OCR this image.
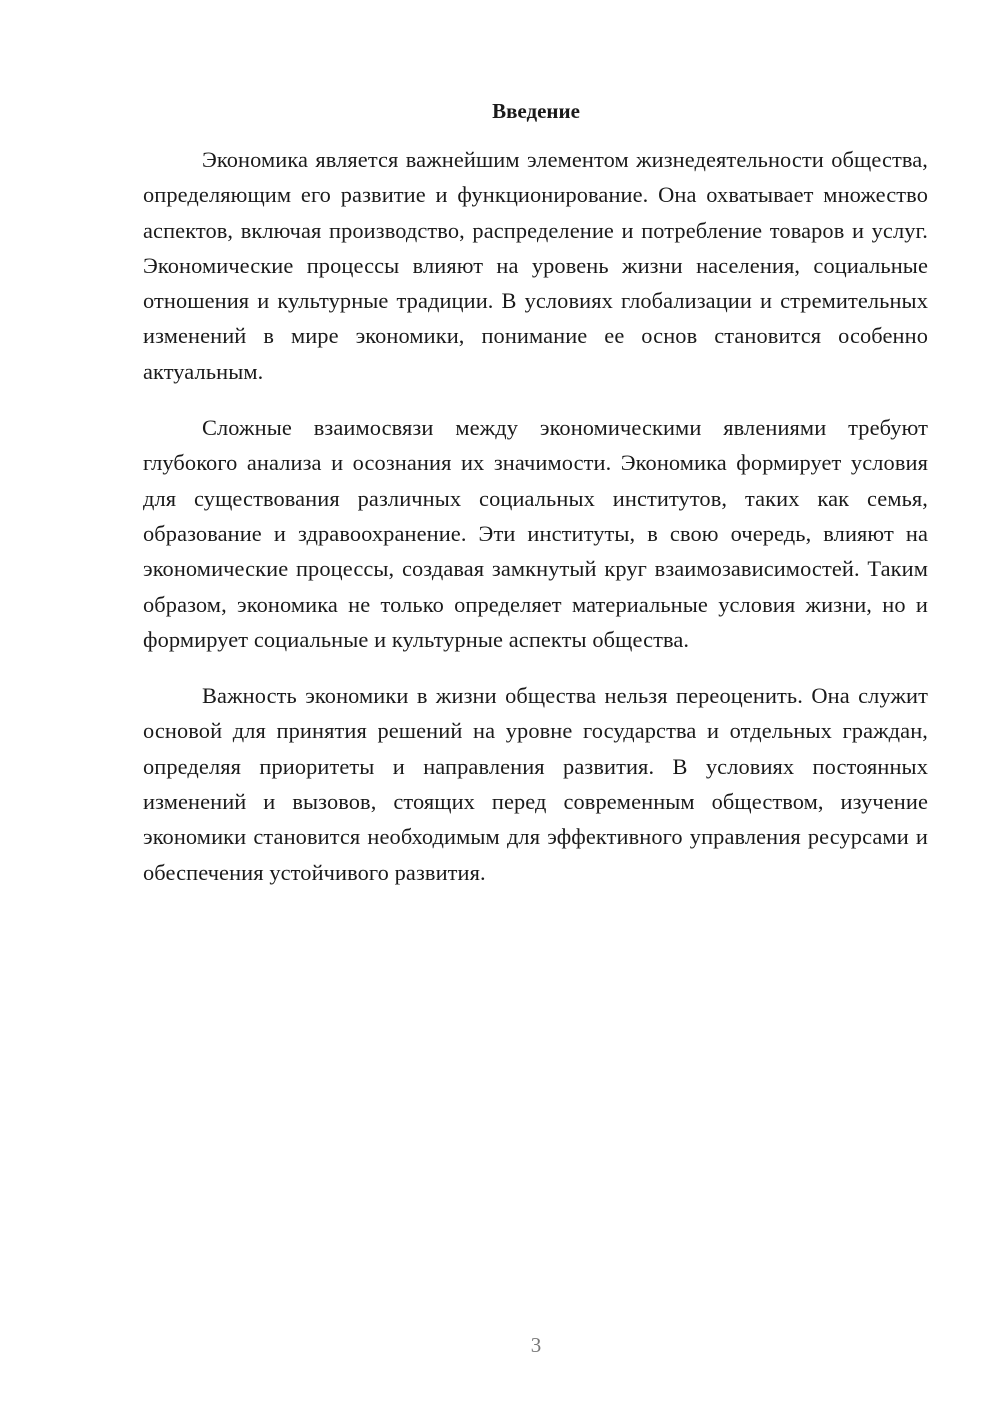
Введение

Экономика является важнейшим элементом жизнедеятельности общества, определяющим его развитие и функционирование. Она охватывает множество аспектов, включая производство, распределение и потребление товаров и услуг. Экономические процессы влияют на уровень жизни населения, социальные отношения и культурные традиции. В условиях глобализации и стремительных изменений в мире экономики, понимание ее основ становится особенно актуальным.

Сложные взаимосвязи между экономическими явлениями требуют глубокого анализа и осознания их значимости. Экономика формирует условия для существования различных социальных институтов, таких как семья, образование и здравоохранение. Эти институты, в свою очередь, влияют на экономические процессы, создавая замкнутый круг взаимозависимостей. Таким образом, экономика не только определяет материальные условия жизни, но и формирует социальные и культурные аспекты общества.

Важность экономики в жизни общества нельзя переоценить. Она служит основой для принятия решений на уровне государства и отдельных граждан, определяя приоритеты и направления развития. В условиях постоянных изменений и вызовов, стоящих перед современным обществом, изучение экономики становится необходимым для эффективного управления ресурсами и обеспечения устойчивого развития.

3
